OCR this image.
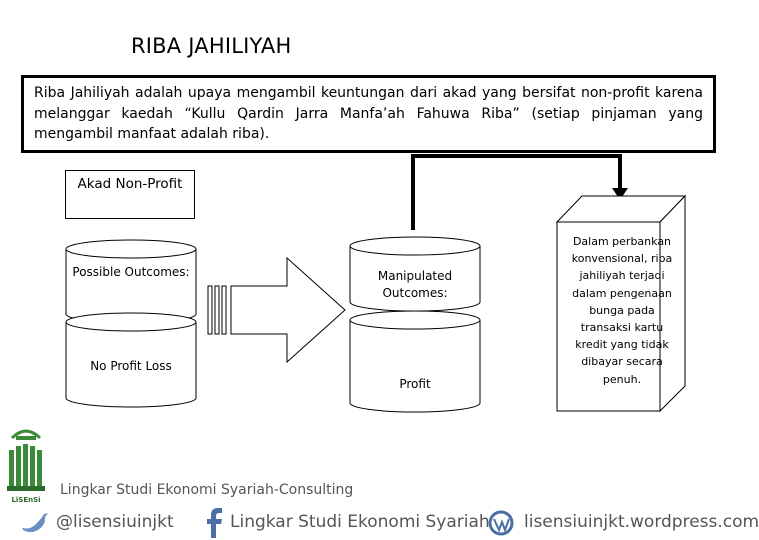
RIBA JAHILIYAH
Riba Jahiliyah adalah upaya mengambil keuntungan dari akad yang bersifat non-profit karena melanggar kaedah “Kullu Qardin Jarra Manfa’ah Fahuwa Riba” (setiap pinjaman yang mengambil manfaat adalah riba).
Akad Non-Profit
Possible Outcomes:
No Profit Loss
Manipulated Outcomes:
Profit
Dalam perbankan konvensional, riba jahiliyah terjadi dalam pengenaan bunga pada transaksi kartu kredit yang tidak dibayar secara penuh.
LiSEnSi
Lingkar Studi Ekonomi Syariah-Consulting
@lisensiuinjkt	Lingkar Studi Ekonomi Syariah lisensiuinjkt.wordpress.com
